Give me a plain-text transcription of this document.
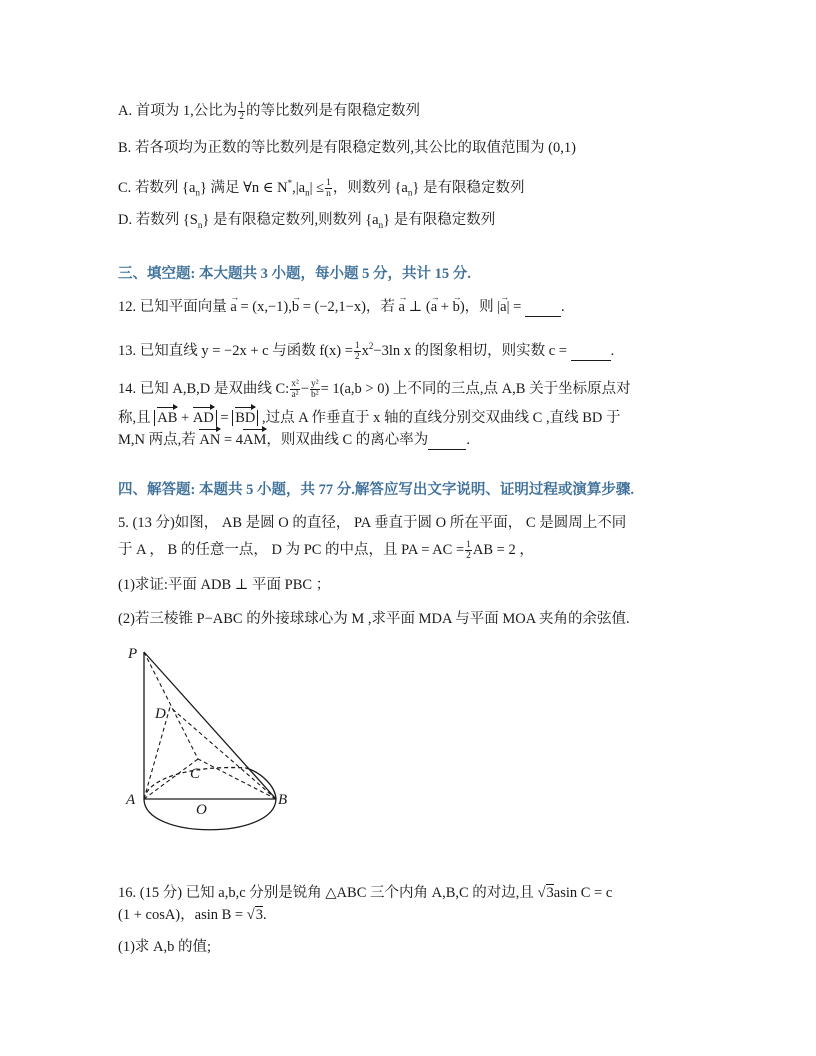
A. 首项为 1,公比为 $\frac{1}{2}$ 的等比数列是有限稳定数列
B. 若各项均为正数的等比数列是有限稳定数列,其公比的取值范围为 (0,1)
C. 若数列 $\{a_n\}$ 满足 ∀n ∈ $N^*,|a_n| \le \frac{1}{n}$ ，则数列 $\{a_n\}$ 是有限稳定数列
D. 若数列 $\{S_n\}$ 是有限稳定数列,则数列 $\{a_n\}$ 是有限稳定数列
三、填空题: 本大题共 3 小题，每小题 5 分，共计 15 分.
12. 已知平面向量 → a = (x,−1),→ b = (−2,1−x)，若 → a ⊥ (→ a + → b)，则 |→ a| =  .
13. 已知直线 y = −2x + c 与函数 $f(x) = \frac{1}{2} x^2-3\ln$ x 的图象相切，则实数 c =	.
14. 已知 A,B,D 是双曲线 C: $\frac{\text{x²}}{\text{a²}} - \frac{\text{y²}}{\text{b²}} = 1(a,b > 0)$ 上不同的三点,点 A,B 关于坐标原点对
称,且 AB + AD = BD ,过点 A 作垂直于 x 轴的直线分别交双曲线 C ,直线 BD 于
M,N 两点,若 AN = 4AM，则双曲线 C 的离心率为	.
四、解答题: 本题共 5 小题，共 77 分.解答应写出文字说明、证明过程或演算步骤.
5. (13 分)如图， AB 是圆 O 的直径， PA 垂直于圆 O 所在平面， C 是圆周上不同
于 A ， B 的任意一点， D 为 PC 的中点，且 PA = AC = $\frac{1}{2}$ AB = 2 ，
(1)求证:平面 ADB ⊥ 平面 PBC ；
(2)若三棱锥 P−ABC 的外接球球心为 M ,求平面 MDA 与平面 MOA 夹角的余弦值.
P
D
C
A
O
B
16. (15 分) 已知 a,b,c 分别是锐角 △ABC 三个内角 A,B,C 的对边,且 √3asin C = c
(1 + cosA)，asin B = √3.
(1)求 A,b 的值;
